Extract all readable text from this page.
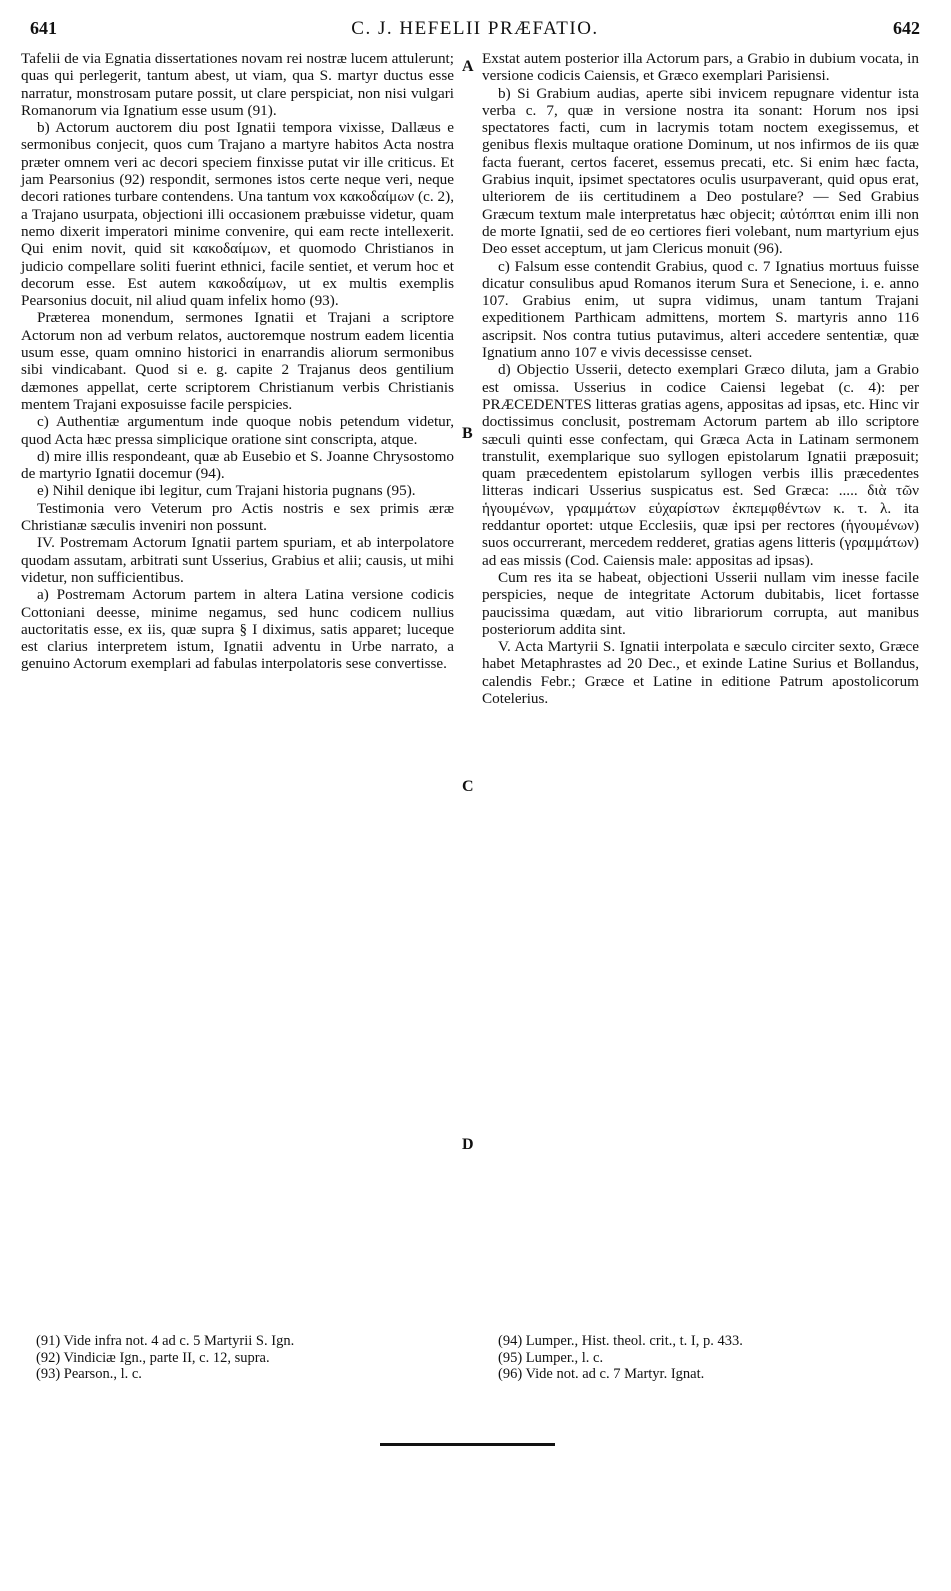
641	C. J. HEFELII PRÆFATIO.	642

Tafelii de via Egnatia dissertationes novam rei nostræ lucem attulerunt; quas qui perlegerit, tantum abest, ut viam, qua S. martyr ductus esse narratur, monstrosam putare possit, ut clare perspiciat, non nisi vulgari Romanorum via Ignatium esse usum (91).

b) Actorum auctorem diu post Ignatii tempora vixisse, Dallæus e sermonibus conjecit, quos cum Trajano a martyre habitos Acta nostra præter omnem veri ac decori speciem finxisse putat vir ille criticus. Et jam Pearsonius (92) respondit, sermones istos certe neque veri, neque decori rationes turbare contendens. Una tantum vox κακοδαίμων (c. 2), a Trajano usurpata, objectioni illi occasionem præbuisse videtur, quam nemo dixerit imperatori minime convenire, qui eam recte intellexerit. Qui enim novit, quid sit κακοδαίμων, et quomodo Christianos in judicio compellare soliti fuerint ethnici, facile sentiet, et verum hoc et decorum esse. Est autem κακοδαίμων, ut ex multis exemplis Pearsonius docuit, nil aliud quam infelix homo (93).

Præterea monendum, sermones Ignatii et Trajani a scriptore Actorum non ad verbum relatos, auctoremque nostrum eadem licentia usum esse, quam omnino historici in enarrandis aliorum sermonibus sibi vindicabant. Quod si e. g. capite 2 Trajanus deos gentilium dæmones appellat, certe scriptorem Christianum verbis Christianis mentem Trajani exposuisse facile perspicies.

c) Authentiæ argumentum inde quoque nobis petendum videtur, quod Acta hæc pressa simplicique oratione sint conscripta, atque.

d) mire illis respondeant, quæ ab Eusebio et S. Joanne Chrysostomo de martyrio Ignatii docemur (94).

e) Nihil denique ibi legitur, cum Trajani historia pugnans (95).

Testimonia vero Veterum pro Actis nostris e sex primis æræ Christianæ sæculis inveniri non possunt.

IV. Postremam Actorum Ignatii partem spuriam, et ab interpolatore quodam assutam, arbitrati sunt Usserius, Grabius et alii; causis, ut mihi videtur, non sufficientibus.

a) Postremam Actorum partem in altera Latina versione codicis Cottoniani deesse, minime negamus, sed hunc codicem nullius auctoritatis esse, ex iis, quæ supra § I diximus, satis apparet; luceque est clarius interpretem istum, Ignatii adventu in Urbe narrato, a genuino Actorum exemplari ad fabulas interpolatoris sese convertisse.

Exstat autem posterior illa Actorum pars, a Grabio in dubium vocata, in versione codicis Caiensis, et Græco exemplari Parisiensi.

b) Si Grabium audias, aperte sibi invicem repugnare videntur ista verba c. 7, quæ in versione nostra ita sonant: Horum nos ipsi spectatores facti, cum in lacrymis totam noctem exegissemus, et genibus flexis multaque oratione Dominum, ut nos infirmos de iis quæ facta fuerant, certos faceret, essemus precati, etc. Si enim hæc facta, Grabius inquit, ipsimet spectatores oculis usurpaverant, quid opus erat, ulteriorem de iis certitudinem a Deo postulare? — Sed Grabius Græcum textum male interpretatus hæc objecit; αὐτόπται enim illi non de morte Ignatii, sed de eo certiores fieri volebant, num martyrium ejus Deo esset acceptum, ut jam Clericus monuit (96).

c) Falsum esse contendit Grabius, quod c. 7 Ignatius mortuus fuisse dicatur consulibus apud Romanos iterum Sura et Senecione, i. e. anno 107. Grabius enim, ut supra vidimus, unam tantum Trajani expeditionem Parthicam admittens, mortem S. martyris anno 116 ascripsit. Nos contra tutius putavimus, alteri accedere sententiæ, quæ Ignatium anno 107 e vivis decessisse censet.

d) Objectio Usserii, detecto exemplari Græco diluta, jam a Grabio est omissa. Usserius in codice Caiensi legebat (c. 4): per PRÆCEDENTES litteras gratias agens, appositas ad ipsas, etc. Hinc vir doctissimus conclusit, postremam Actorum partem ab illo scriptore sæculi quinti esse confectam, qui Græca Acta in Latinam sermonem transtulit, exemplarique suo syllogen epistolarum Ignatii præposuit; quam præcedentem epistolarum syllogen verbis illis præcedentes litteras indicari Usserius suspicatus est. Sed Græca: ..... διὰ τῶν ἡγουμένων, γραμμάτων εὐχαρίστων ἐκπεμφθέντων κ. τ. λ. ita reddantur oportet: utque Ecclesiis, quæ ipsi per rectores (ἡγουμένων) suos occurrerant, mercedem redderet, gratias agens litteris (γραμμάτων) ad eas missis (Cod. Caiensis male: appositas ad ipsas).

Cum res ita se habeat, objectioni Usserii nullam vim inesse facile perspicies, neque de integritate Actorum dubitabis, licet fortasse paucissima quædam, aut vitio librariorum corrupta, aut manibus posteriorum addita sint.

V. Acta Martyrii S. Ignatii interpolata e sæculo circiter sexto, Græce habet Metaphrastes ad 20 Dec., et exinde Latine Surius et Bollandus, calendis Febr.; Græce et Latine in editione Patrum apostolicorum Cotelerius.

A
B
C
D
(91) Vide infra not. 4 ad c. 5 Martyrii S. Ign.
(92) Vindiciæ Ign., parte II, c. 12, supra.
(93) Pearson., l. c.
(94) Lumper., Hist. theol. crit., t. I, p. 433.
(95) Lumper., l. c.
(96) Vide not. ad c. 7 Martyr. Ignat.
